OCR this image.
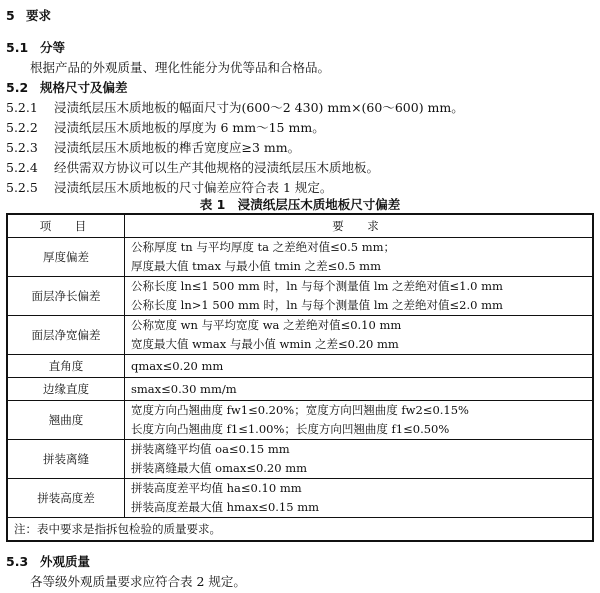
5 要求
5.1 分等
根据产品的外观质量、理化性能分为优等品和合格品。
5.2 规格尺寸及偏差
5.2.1 浸渍纸层压木质地板的幅面尺寸为(600～2 430) mm×(60～600) mm。
5.2.2 浸渍纸层压木质地板的厚度为 6 mm～15 mm。
5.2.3 浸渍纸层压木质地板的榫舌宽度应≥3 mm。
5.2.4 经供需双方协议可以生产其他规格的浸渍纸层压木质地板。
5.2.5 浸渍纸层压木质地板的尺寸偏差应符合表 1 规定。
5.3 外观质量
各等级外观质量要求应符合表 2 规定。
表 1　浸渍纸层压木质地板尺寸偏差
项　目	要　求
厚度偏差	公称厚度 tn 与平均厚度 ta 之差绝对值≤0.5 mm；
厚度最大值 tmax 与最小值 tmin 之差≤0.5 mm

面层净长偏差	公称长度 ln≤1 500 mm 时，ln 与每个测量值 lm 之差绝对值≤1.0 mm
公称长度 ln>1 500 mm 时，ln 与每个测量值 lm 之差绝对值≤2.0 mm

面层净宽偏差	公称宽度 wn 与平均宽度 wa 之差绝对值≤0.10 mm
宽度最大值 wmax 与最小值 wmin 之差≤0.20 mm

直角度	qmax≤0.20 mm

边缘直度	smax≤0.30 mm/m

翘曲度	宽度方向凸翘曲度 fw1≤0.20%；宽度方向凹翘曲度 fw2≤0.15%
长度方向凸翘曲度 f1≤1.00%；长度方向凹翘曲度 f1≤0.50%

拼装离缝	拼装离缝平均值 oa≤0.15 mm
拼装离缝最大值 omax≤0.20 mm

拼装高度差	拼装高度差平均值 ha≤0.10 mm
拼装高度差最大值 hmax≤0.15 mm

注：表中要求是指拆包检验的质量要求。	
